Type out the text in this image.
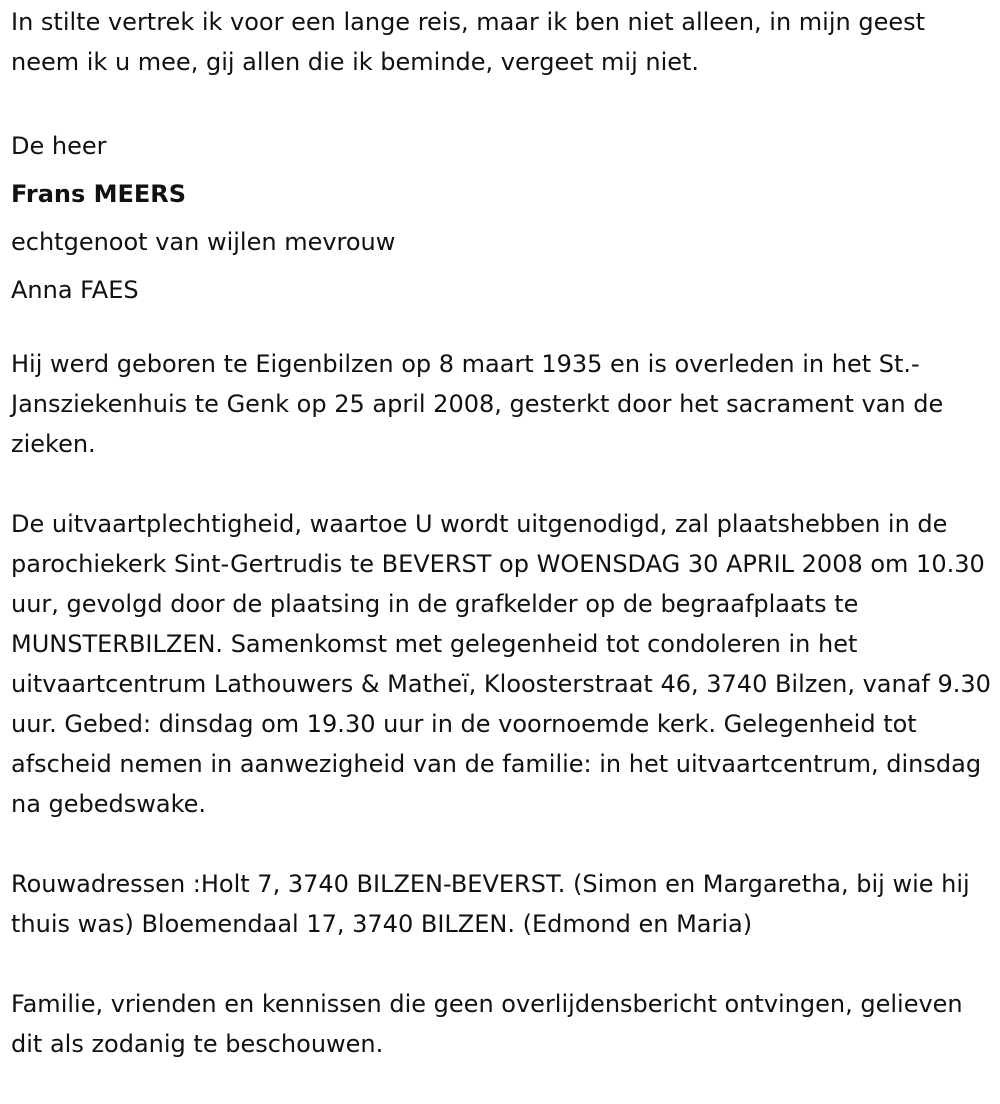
In stilte vertrek ik voor een lange reis, maar ik ben niet alleen, in mijn geest neem ik u mee, gij allen die ik beminde, vergeet mij niet.

De heer
Frans MEERS
echtgenoot van wijlen mevrouw
Anna FAES

Hij werd geboren te Eigenbilzen op 8 maart 1935 en is overleden in het St.-Jansziekenhuis te Genk op 25 april 2008, gesterkt door het sacrament van de zieken.

De uitvaartplechtigheid, waartoe U wordt uitgenodigd, zal plaatshebben in de parochiekerk Sint-Gertrudis te BEVERST op WOENSDAG 30 APRIL 2008 om 10.30 uur, gevolgd door de plaatsing in de grafkelder op de begraafplaats te MUNSTERBILZEN. Samenkomst met gelegenheid tot condoleren in het uitvaartcentrum Lathouwers & Matheï, Kloosterstraat 46, 3740 Bilzen, vanaf 9.30 uur. Gebed: dinsdag om 19.30 uur in de voornoemde kerk. Gelegenheid tot afscheid nemen in aanwezigheid van de familie: in het uitvaartcentrum, dinsdag na gebedswake.

Rouwadressen :Holt 7, 3740 BILZEN-BEVERST. (Simon en Margaretha, bij wie hij thuis was) Bloemendaal 17, 3740 BILZEN. (Edmond en Maria)

Familie, vrienden en kennissen die geen overlijdensbericht ontvingen, gelieven dit als zodanig te beschouwen.
